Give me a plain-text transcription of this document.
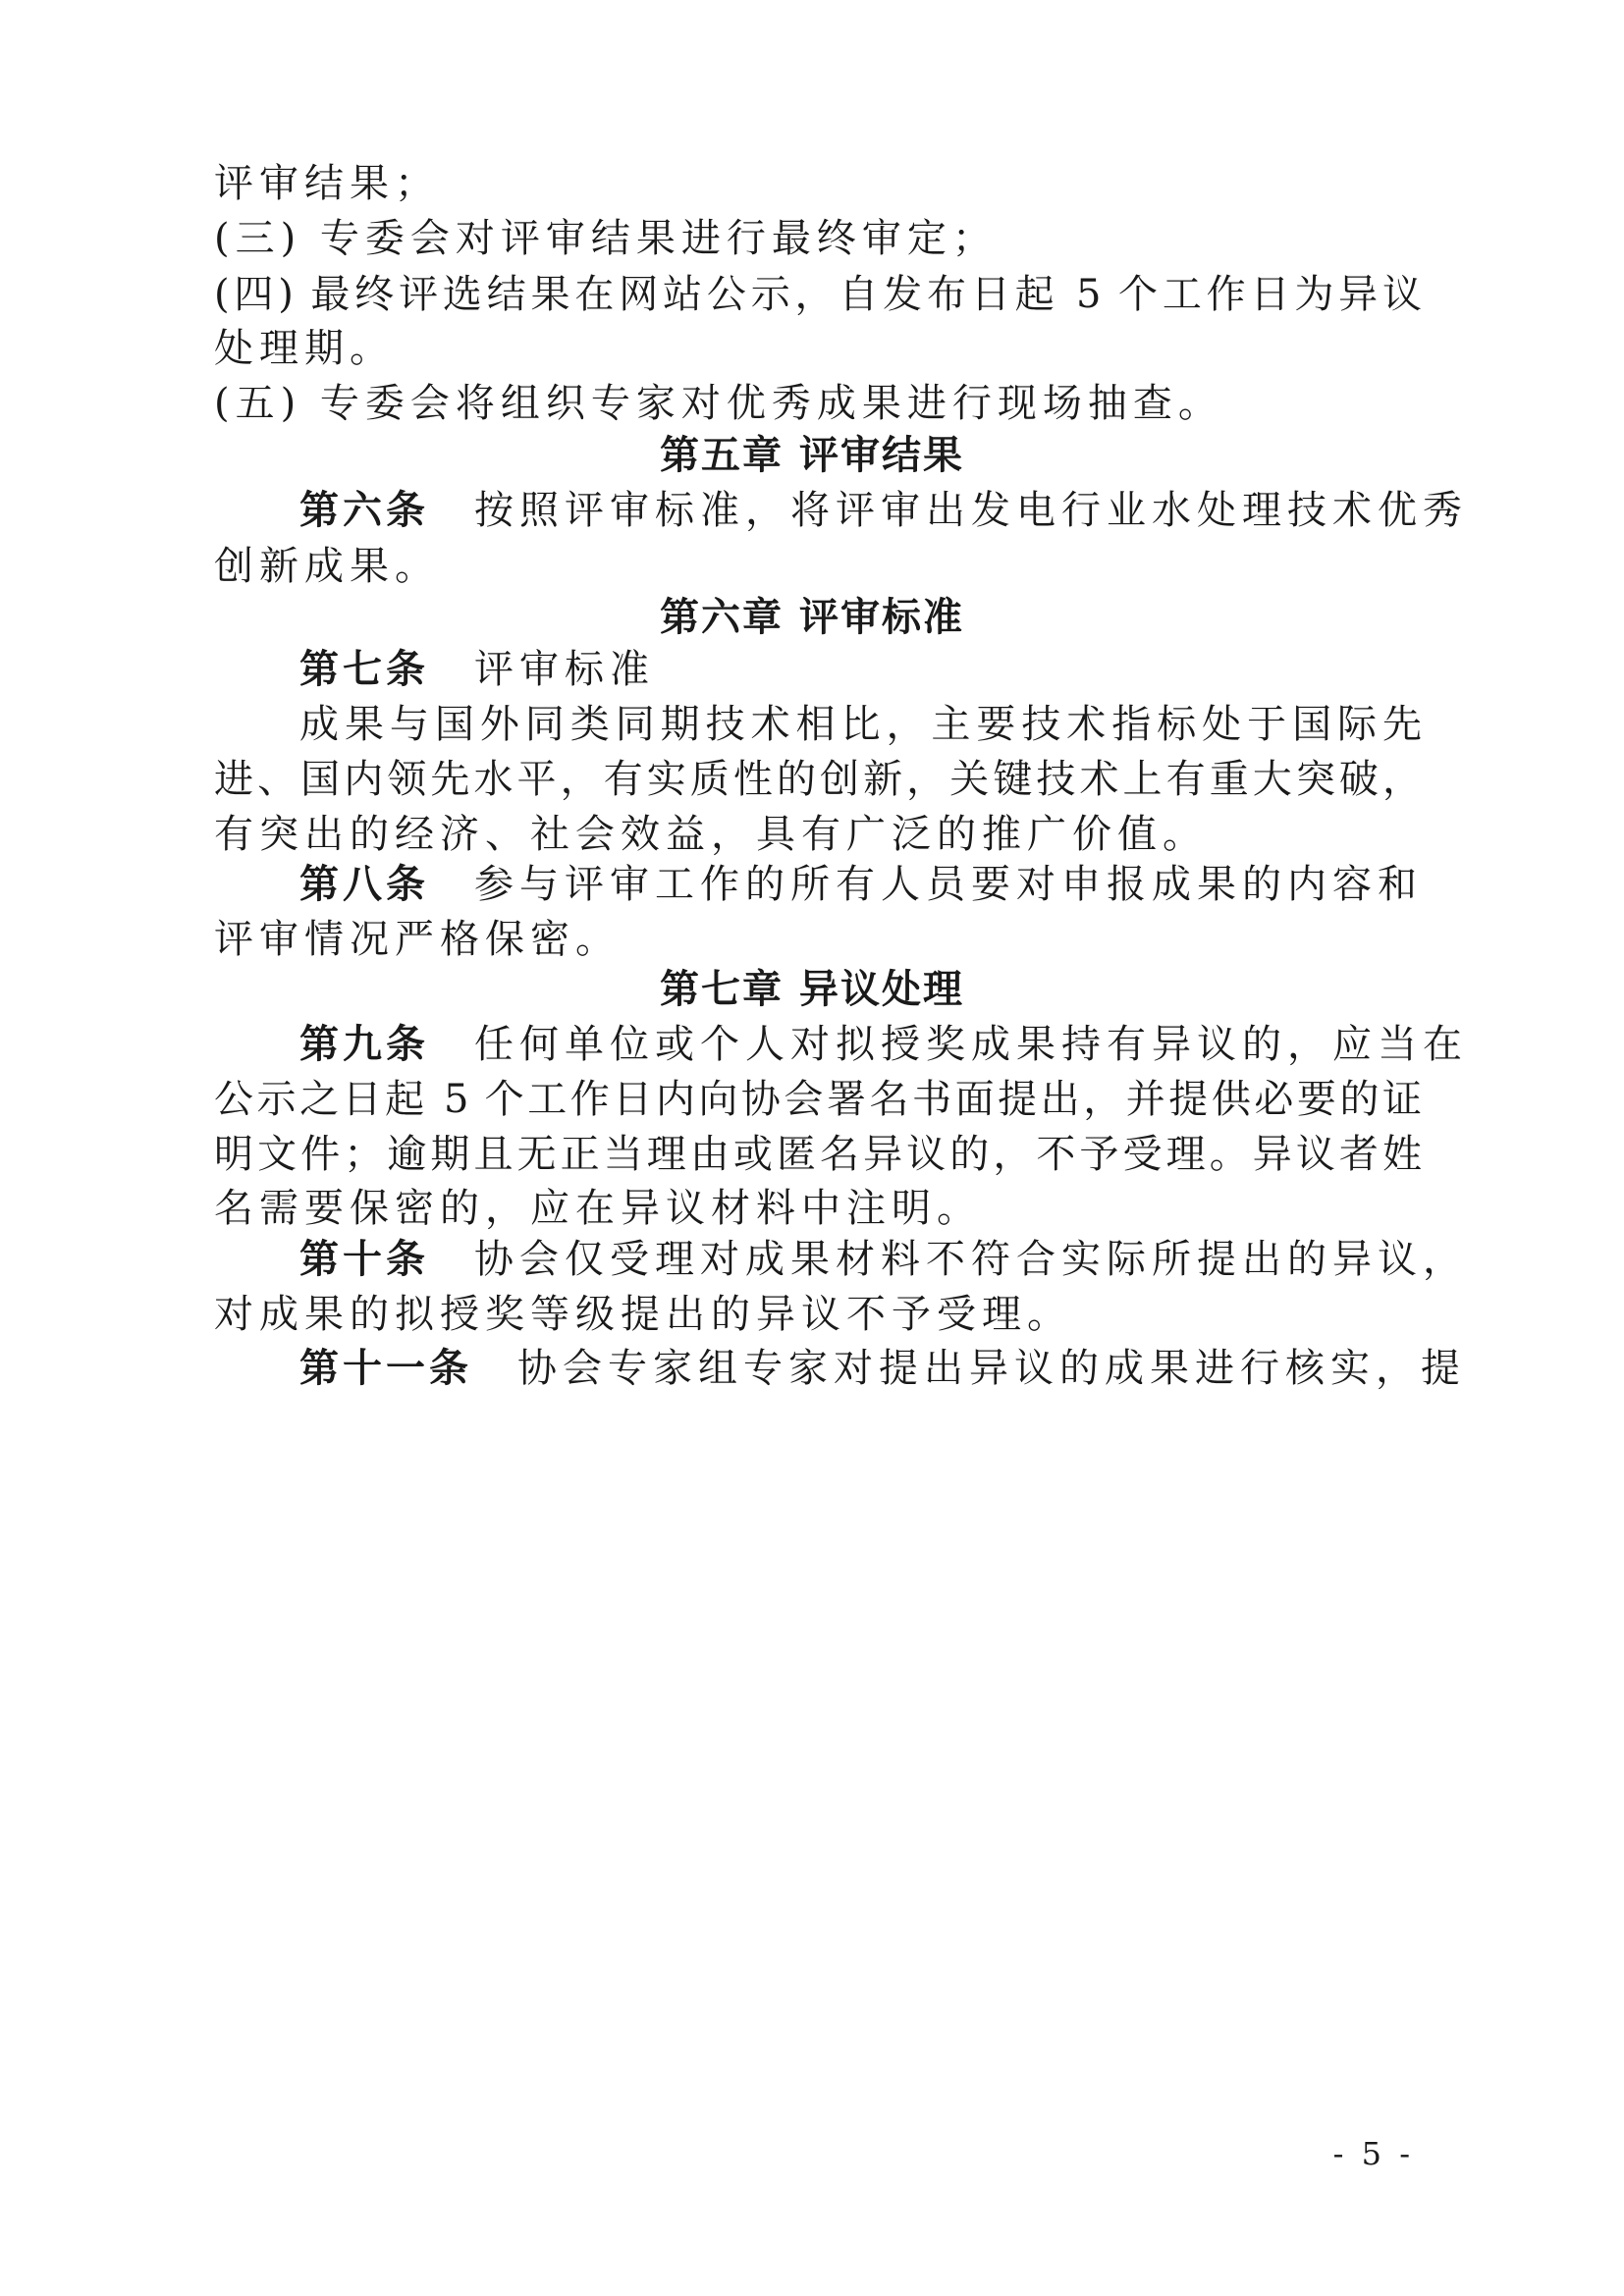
评审结果；
(三) 专委会对评审结果进行最终审定；
(四) 最终评选结果在网站公示，自发布日起 5 个工作日为异议
处理期。
(五) 专委会将组织专家对优秀成果进行现场抽查。
第五章 评审结果
第六条 按照评审标准，将评审出发电行业水处理技术优秀
创新成果。
第六章 评审标准
第七条 评审标准
成果与国外同类同期技术相比，主要技术指标处于国际先
进、国内领先水平，有实质性的创新，关键技术上有重大突破，
有突出的经济、社会效益，具有广泛的推广价值。
第八条 参与评审工作的所有人员要对申报成果的内容和
评审情况严格保密。
第七章 异议处理
第九条 任何单位或个人对拟授奖成果持有异议的，应当在
公示之日起 5 个工作日内向协会署名书面提出，并提供必要的证
明文件；逾期且无正当理由或匿名异议的，不予受理。异议者姓
名需要保密的，应在异议材料中注明。
第十条 协会仅受理对成果材料不符合实际所提出的异议，
对成果的拟授奖等级提出的异议不予受理。
第十一条 协会专家组专家对提出异议的成果进行核实，提
- 5 -
